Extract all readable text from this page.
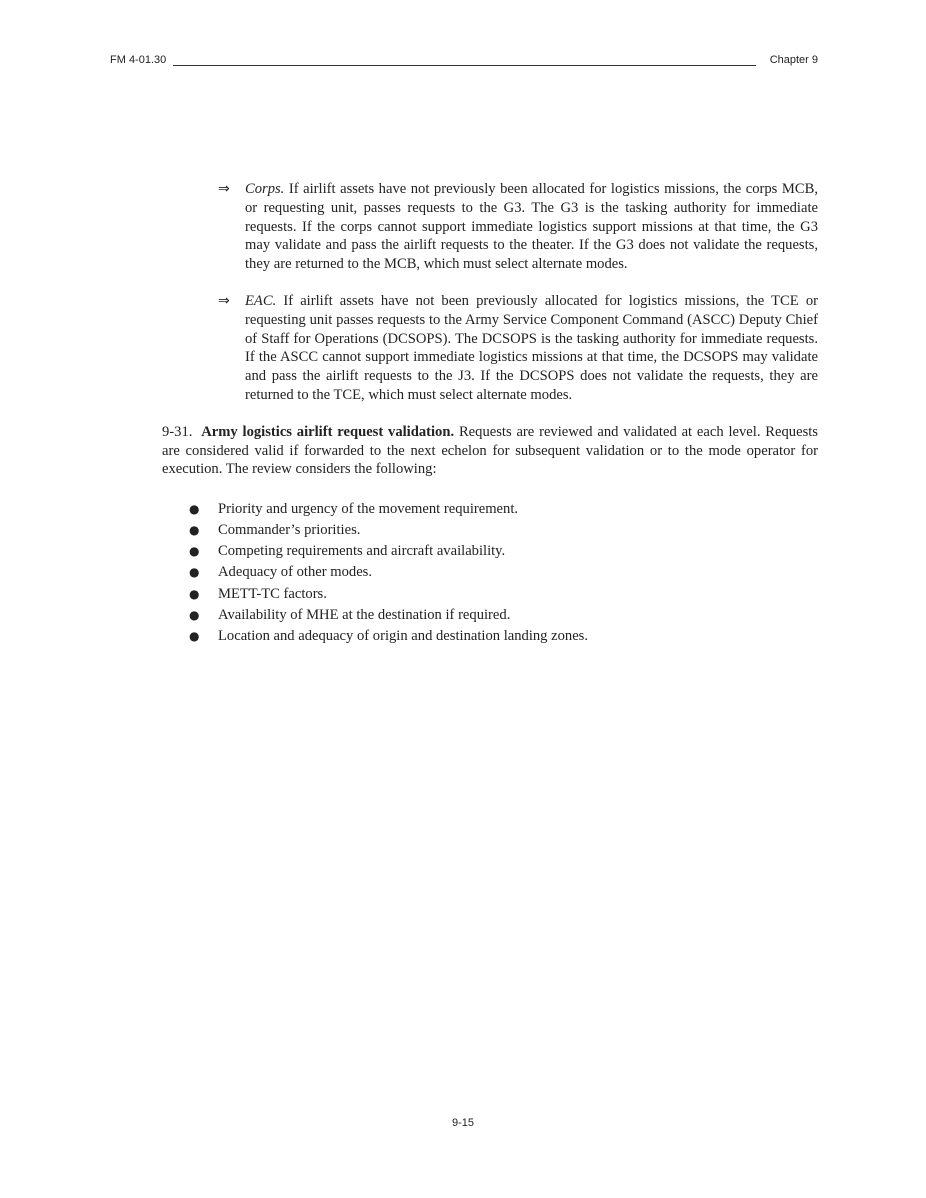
FM 4-01.30	Chapter 9
⇒ Corps. If airlift assets have not previously been allocated for logistics missions, the corps MCB, or requesting unit, passes requests to the G3. The G3 is the tasking authority for immediate requests. If the corps cannot support immediate logistics support missions at that time, the G3 may validate and pass the airlift requests to the theater. If the G3 does not validate the requests, they are returned to the MCB, which must select alternate modes.
⇒ EAC. If airlift assets have not been previously allocated for logistics missions, the TCE or requesting unit passes requests to the Army Service Component Command (ASCC) Deputy Chief of Staff for Operations (DCSOPS). The DCSOPS is the tasking authority for immediate requests. If the ASCC cannot support immediate logistics missions at that time, the DCSOPS may validate and pass the airlift requests to the J3. If the DCSOPS does not validate the requests, they are returned to the TCE, which must select alternate modes.
9-31. Army logistics airlift request validation. Requests are reviewed and validated at each level. Requests are considered valid if forwarded to the next echelon for subsequent validation or to the mode operator for execution. The review considers the following:
● Priority and urgency of the movement requirement.
● Commander’s priorities.
● Competing requirements and aircraft availability.
● Adequacy of other modes.
● METT-TC factors.
● Availability of MHE at the destination if required.
● Location and adequacy of origin and destination landing zones.
9-15
